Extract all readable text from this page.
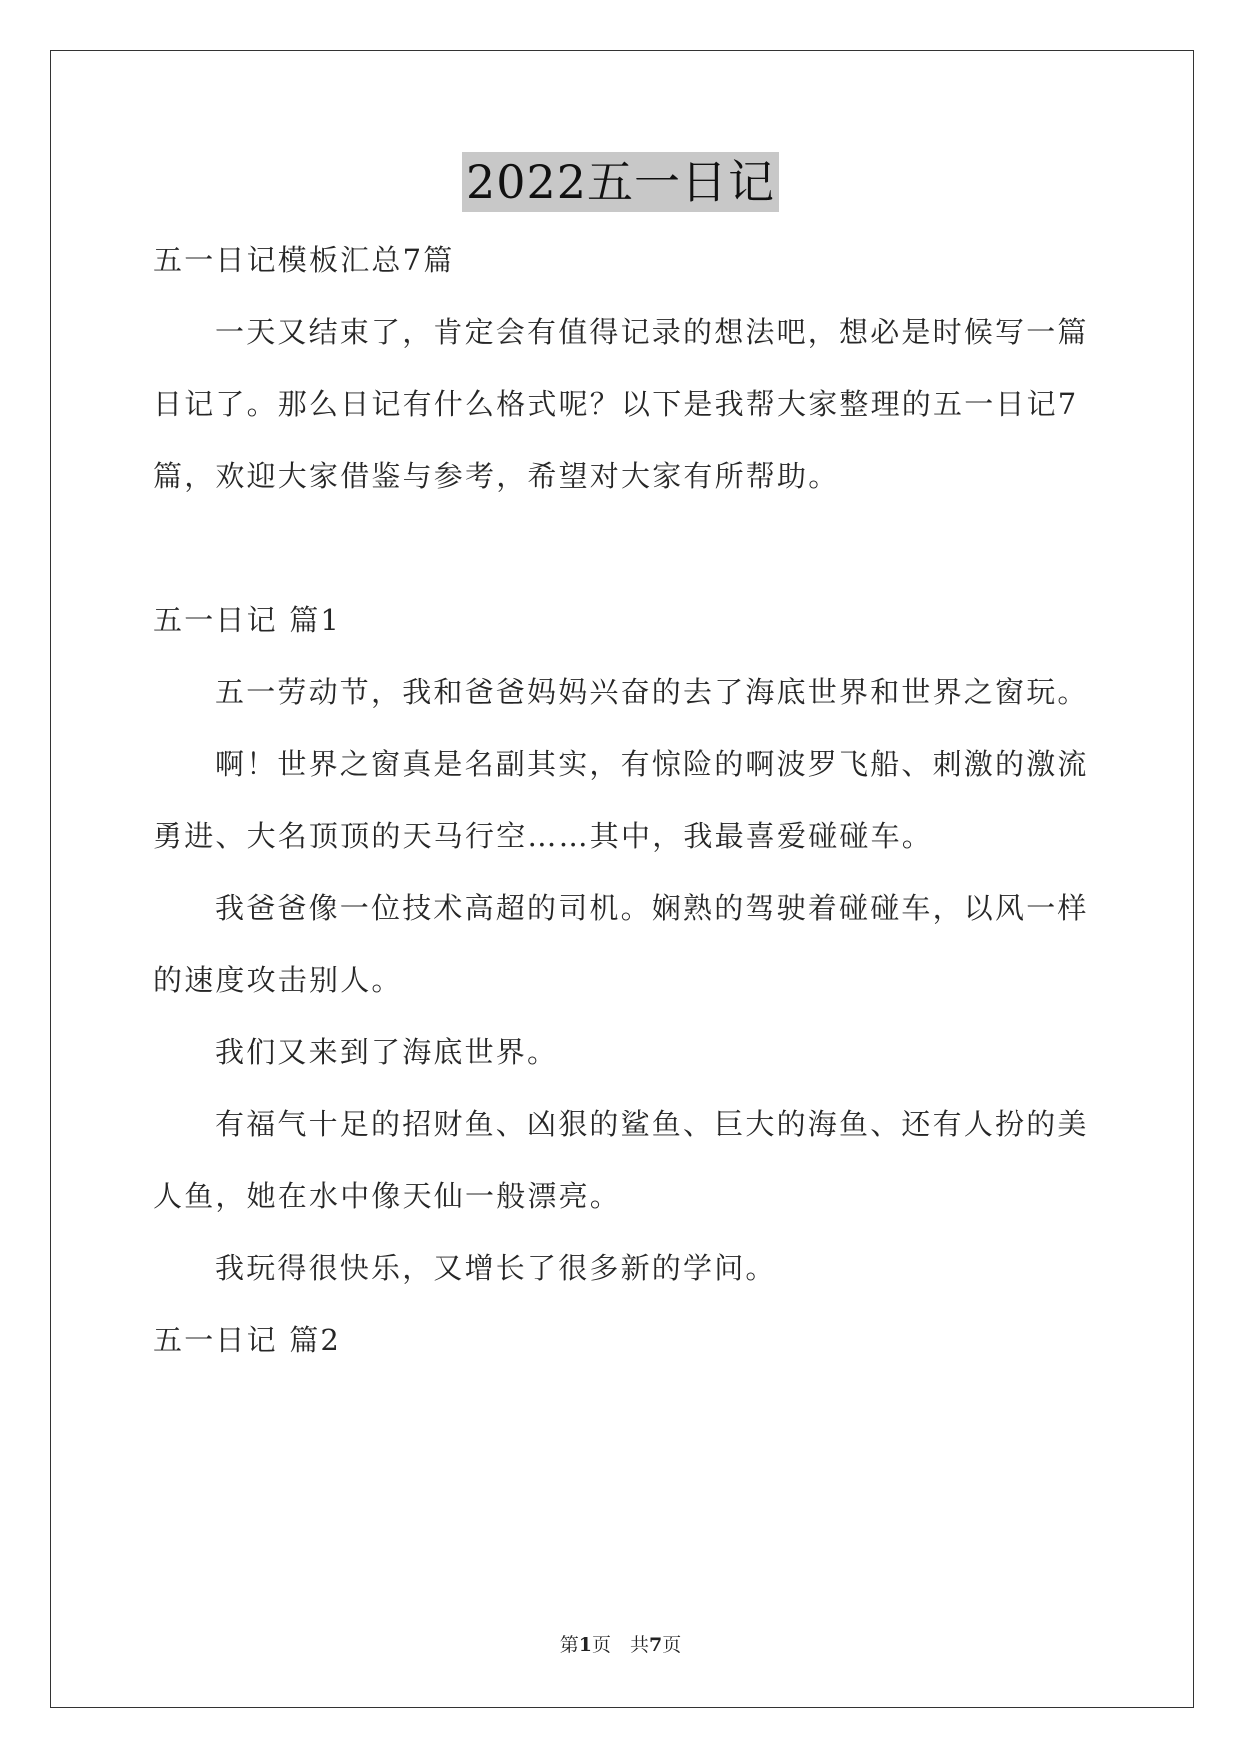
2022五一日记
五一日记模板汇总7篇
一天又结束了，肯定会有值得记录的想法吧，想必是时候写一篇
日记了。那么日记有什么格式呢？以下是我帮大家整理的五一日记7
篇，欢迎大家借鉴与参考，希望对大家有所帮助。
五一日记 篇1
五一劳动节，我和爸爸妈妈兴奋的去了海底世界和世界之窗玩。
啊！世界之窗真是名副其实，有惊险的啊波罗飞船、刺激的激流
勇进、大名顶顶的天马行空……其中，我最喜爱碰碰车。
我爸爸像一位技术高超的司机。娴熟的驾驶着碰碰车，以风一样
的速度攻击别人。
我们又来到了海底世界。
有福气十足的招财鱼、凶狠的鲨鱼、巨大的海鱼、还有人扮的美
人鱼，她在水中像天仙一般漂亮。
我玩得很快乐，又增长了很多新的学问。
五一日记 篇2
第1页　共7页
